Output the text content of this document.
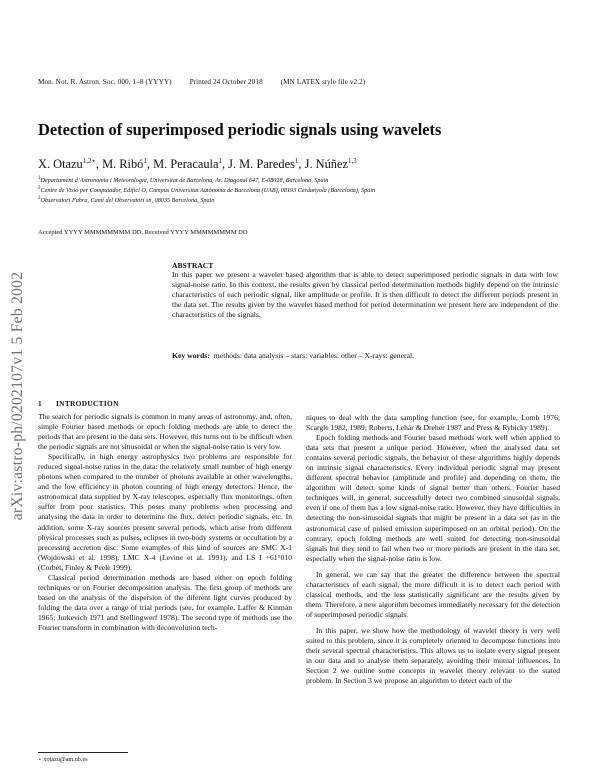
Mon. Not. R. Astron. Soc. 000, 1–8 (YYYY) Printed 24 October 2018 (MN LATEX style file v2.2)
arXiv:astro-ph/0202107v1 5 Feb 2002
Detection of superimposed periodic signals using wavelets
X. Otazu$^{1,2⋆}$, M. Ribó$^1$, M. Peracaula$^1$, J. M. Paredes$^1$, J. Núñez$^{1,3}$
$^1$Departament d’Astronomia i Meteorologia, Universitat de Barcelona, Av. Diagonal 647, E-08028, Barcelona, Spain
$^2$Centre de Visió per Computador, Edifici O, Campus Universitat Autònoma de Barcelona (UAB), 08193 Cerdanyola (Barcelona), Spain
$^3$Observatori Fabra, Camí del Observatori sn, 08035 Barcelona, Spain
Accepted YYYY MMMMMMMM DD. Received YYYY MMMMMMMM DD
ABSTRACT
In this paper we present a wavelet based algorithm that is able to detect superimposed periodic signals in data with low signal-noise ratio. In this context, the results given by classical period determination methods highly depend on the intrinsic characteristics of each periodic signal, like amplitude or profile. It is then difficult to detect the different periods present in the data set. The results given by the wavelet based method for period determination we present here are independent of the characteristics of the signals.
Key words: methods: data analysis – stars: variables: other – X-rays: general.
1 INTRODUCTION

The search for periodic signals is common in many areas of astronomy, and, often, simple Fourier based methods or epoch folding methods are able to detect the periods that are present in the data sets. However, this turns out to be difficult when the periodic signals are not sinusoidal or when the signal-noise ratio is very low.

Specifically, in high energy astrophysics two problems are responsible for reduced signal-noise ratios in the data: the relatively small number of high energy photons when compared to the number of photons available at other wavelengths, and the low efficiency in photon counting of high energy detectors. Hence, the astronomical data supplied by X-ray telescopes, especially flux monitorings, often suffer from poor statistics. This poses many problems when processing and analysing the data in order to determine the flux, detect periodic signals, etc. In addition, some X-ray sources present several periods, which arise from different physical processes such as pulses, eclipses in two-body systems or occultation by a precessing accretion disc. Some examples of this kind of sources are SMC X-1 (Wojdowski et al. 1998), LMC X-4 (Levine et al. 1991), and LS I +61°010 (Corbet, Finley & Peele 1999).

Classical period determination methods are based either on epoch folding techniques or on Fourier decomposition analysis. The first group of methods are based on the analysis of the dispersion of the diferent light curves produced by folding the data over a range of trial periods (see, for example, Laffer & Kinman 1965; Jurkevich 1971 and Stellingwerf 1978). The second type of methods use the Fourier transform in combination with deconvolution tech-

niques to deal with the data sampling function (see, for example, Lomb 1976; Scargle 1982, 1989; Roberts, Lehár & Dreher 1987 and Press & Rybicky 1989).

Epoch folding methods and Fourier based methods work well when applied to data sets that present a unique period. However, when the analysed data set contains several periodic signals, the behavior of these algorithms highly depends on intrinsic signal characteristics. Every individual periodic signal may present different spectral behavior (amplitude and profile) and depending on them, the algorithm will detect some kinds of signal better than others. Fourier based techniques will, in general, successfully detect two combined sinusoidal signals, even if one of them has a low signal-noise ratio. However, they have difficulties in detecting the non-sinusoidal signals that might be present in a data set (as in the astronomical case of pulsed emission superimposed on an orbital period). On the contrary, epoch folding methods are well suited for detecting non-sinusoidal signals but they tend to fail when two or more periods are present in the data set, especially when the signal-noise ratio is low.

In general, we can say that the greater the difference between the spectral characteristics of each signal, the more difficult it is to detect each period with classical methods, and the less statistically significant are the results given by them. Therefore, a new algorithm becomes immediately necessary for the detection of superimposed periodic signals.

In this paper, we show how the methodology of wavelet theory is very well suited to this problem, since it is completely oriented to decompose functions into their several spectral characteristics. This allows us to isolate every signal present in our data and to analyse them separately, avoiding their mutual influences. In Section 2 we outline some concepts in wavelet theory relevant to the stated problem. In Section 3 we propose an algorithm to detect each of the

⋆ xotazu@am.ub.es
